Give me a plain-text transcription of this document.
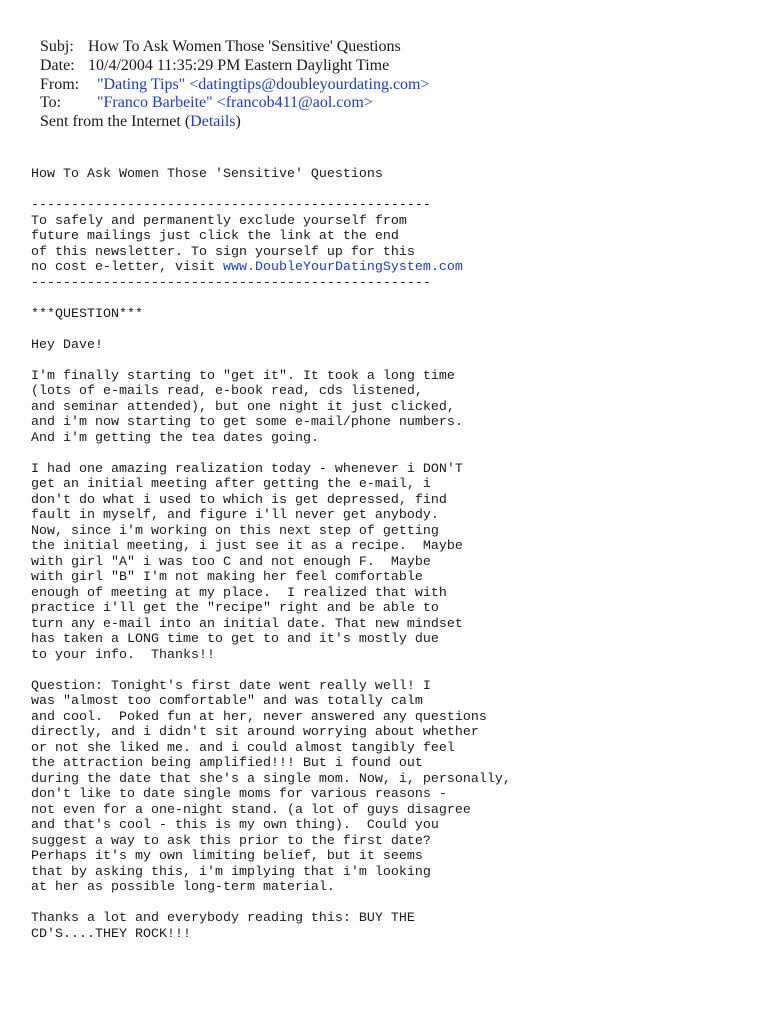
Subj: How To Ask Women Those 'Sensitive' Questions
Date: 10/4/2004 11:35:29 PM Eastern Daylight Time
From: "Dating Tips" <datingtips@doubleyourdating.com>
To: "Franco Barbeite" <francob411@aol.com>
Sent from the Internet (Details)
How To Ask Women Those 'Sensitive' Questions
--------------------------------------------------
To safely and permanently exclude yourself from
future mailings just click the link at the end
of this newsletter. To sign yourself up for this
no cost e-letter, visit www.DoubleYourDatingSystem.com
--------------------------------------------------
***QUESTION***
Hey Dave!
I'm finally starting to "get it". It took a long time
(lots of e-mails read, e-book read, cds listened,
and seminar attended), but one night it just clicked,
and i'm now starting to get some e-mail/phone numbers.
And i'm getting the tea dates going.
I had one amazing realization today - whenever i DON'T
get an initial meeting after getting the e-mail, i
don't do what i used to which is get depressed, find
fault in myself, and figure i'll never get anybody.
Now, since i'm working on this next step of getting
the initial meeting, i just see it as a recipe.  Maybe
with girl "A" i was too C and not enough F.  Maybe
with girl "B" I'm not making her feel comfortable
enough of meeting at my place.  I realized that with
practice i'll get the "recipe" right and be able to
turn any e-mail into an initial date. That new mindset
has taken a LONG time to get to and it's mostly due
to your info.  Thanks!!
Question: Tonight's first date went really well! I
was "almost too comfortable" and was totally calm
and cool.  Poked fun at her, never answered any questions
directly, and i didn't sit around worrying about whether
or not she liked me. and i could almost tangibly feel
the attraction being amplified!!! But i found out
during the date that she's a single mom. Now, i, personally,
don't like to date single moms for various reasons -
not even for a one-night stand. (a lot of guys disagree
and that's cool - this is my own thing).  Could you
suggest a way to ask this prior to the first date?
Perhaps it's my own limiting belief, but it seems
that by asking this, i'm implying that i'm looking
at her as possible long-term material.
Thanks a lot and everybody reading this: BUY THE
CD'S....THEY ROCK!!!
